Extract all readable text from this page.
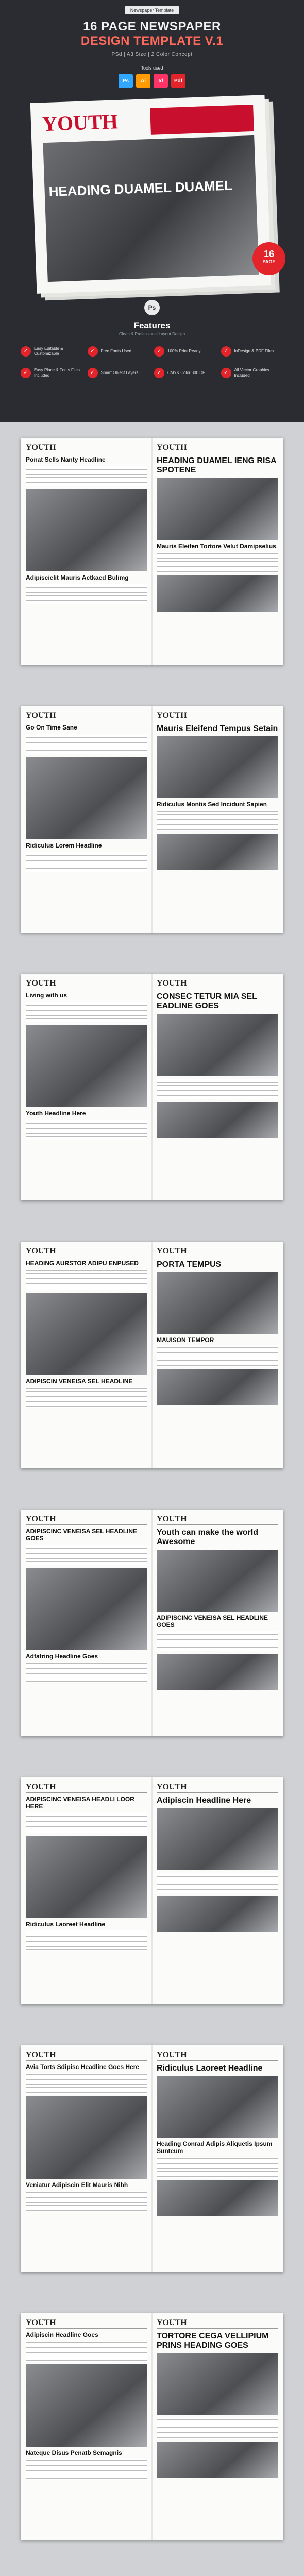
Newspaper Template
16 PAGE NEWSPAPER
DESIGN TEMPLATE V.1
PSd | A3 Size | 2 Color Concept
Tools used
Ps	Ai	Id	Pdf
YOUTH
HEADING DUAMEL DUAMEL
16
PAGE
Ps
Features
Clean & Professional Layout Design
✓	Easy Editable & Customizable	✓	Free Fonts Used	✓	100% Print Ready	✓	InDesign & PDF Files
✓	Easy Place & Fonts Files Included	✓	Smart Object Layers	✓	CMYK Color 300 DPI	✓	All Vector Graphics Included
YOUTH
Ponat Sells Nanty Headline
Adipiscielit Mauris Actkaed Bulimg
YOUTH
HEADING DUAMEL IENG RISA SPOTENE
Mauris Eleifen Tortore Velut Damipselius
YOUTH
Go On Time Sane
Ridiculus Lorem Headline
YOUTH
Mauris Eleifend Tempus Setain
Ridiculus Montis Sed Incidunt Sapien
YOUTH
Living with us
Youth Headline Here
YOUTH
CONSEC TETUR MIA SEL EADLINE GOES
YOUTH
HEADING AURSTOR ADIPU ENPUSED
ADIPISCIN VENEISA SEL HEADLINE
YOUTH
PORTA TEMPUS
MAUISON TEMPOR
YOUTH
ADIPISCINC VENEISA SEL HEADLINE GOES
Adfatring Headline Goes
YOUTH
Youth can make the world Awesome
ADIPISCINC VENEISA SEL HEADLINE GOES
YOUTH
ADIPISCINC VENEISA HEADLI LOOR HERE
Ridiculus Laoreet Headline
YOUTH
Adipiscin Headline Here
YOUTH
Avia Torts Sdipisc Headline Goes Here
Veniatur Adipiscin Elit Mauris Nibh
YOUTH
Ridiculus Laoreet Headline
Heading Conrad Adipis Aliquetis Ipsum Sunteum
YOUTH
Adipiscin Headline Goes
Nateque Disus Penatb Semagnis
YOUTH
TORTORE CEGA VELLIPIUM PRINS HEADING GOES
